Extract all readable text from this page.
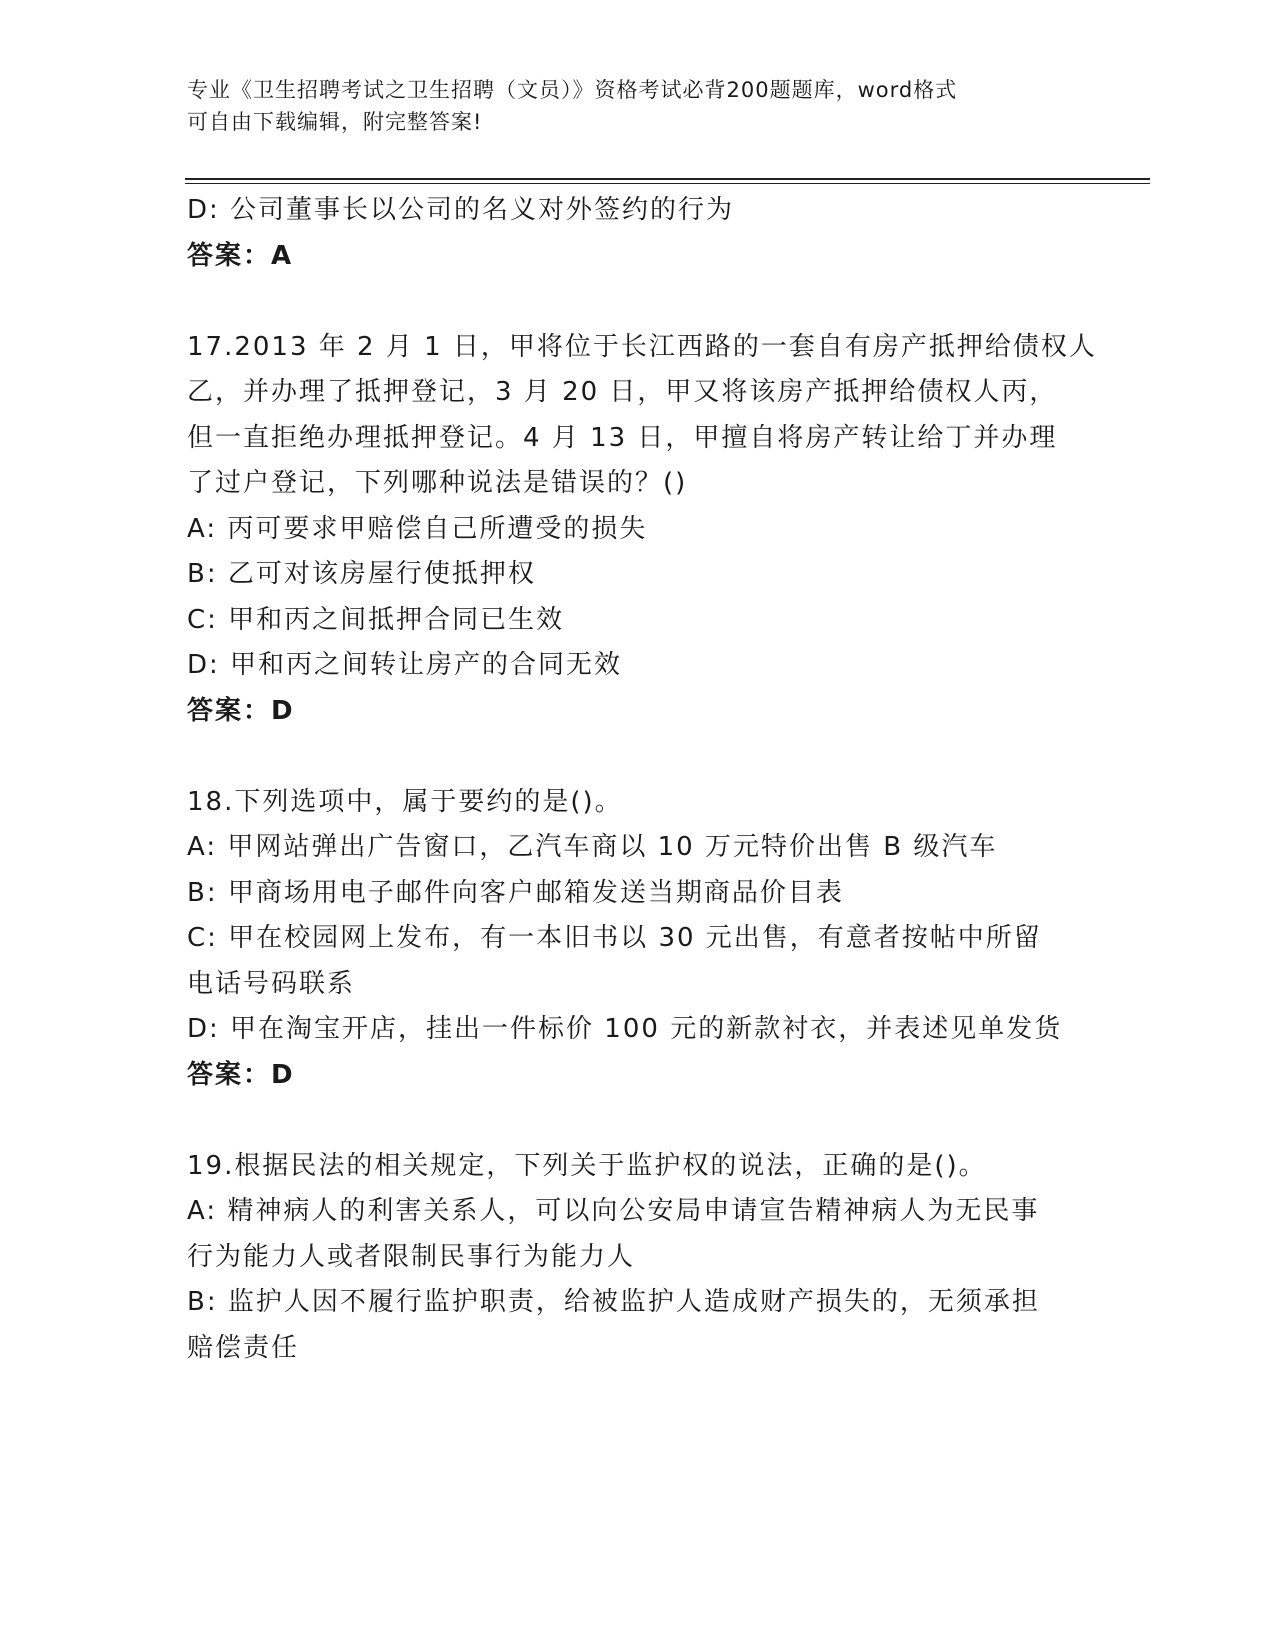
专业《卫生招聘考试之卫生招聘（文员）》资格考试必背200题题库，word格式
可自由下载编辑，附完整答案!
D: 公司董事长以公司的名义对外签约的行为
答案：A
17.2013 年 2 月 1 日，甲将位于长江西路的一套自有房产抵押给债权人
乙，并办理了抵押登记，3 月 20 日，甲又将该房产抵押给债权人丙，
但一直拒绝办理抵押登记。4 月 13 日，甲擅自将房产转让给丁并办理
了过户登记，下列哪种说法是错误的？()
A: 丙可要求甲赔偿自己所遭受的损失
B: 乙可对该房屋行使抵押权
C: 甲和丙之间抵押合同已生效
D: 甲和丙之间转让房产的合同无效
答案：D
18.下列选项中，属于要约的是()。
A: 甲网站弹出广告窗口，乙汽车商以 10 万元特价出售 B 级汽车
B: 甲商场用电子邮件向客户邮箱发送当期商品价目表
C: 甲在校园网上发布，有一本旧书以 30 元出售，有意者按帖中所留
电话号码联系
D: 甲在淘宝开店，挂出一件标价 100 元的新款衬衣，并表述见单发货
答案：D
19.根据民法的相关规定，下列关于监护权的说法，正确的是()。
A: 精神病人的利害关系人，可以向公安局申请宣告精神病人为无民事
行为能力人或者限制民事行为能力人
B: 监护人因不履行监护职责，给被监护人造成财产损失的，无须承担
赔偿责任
